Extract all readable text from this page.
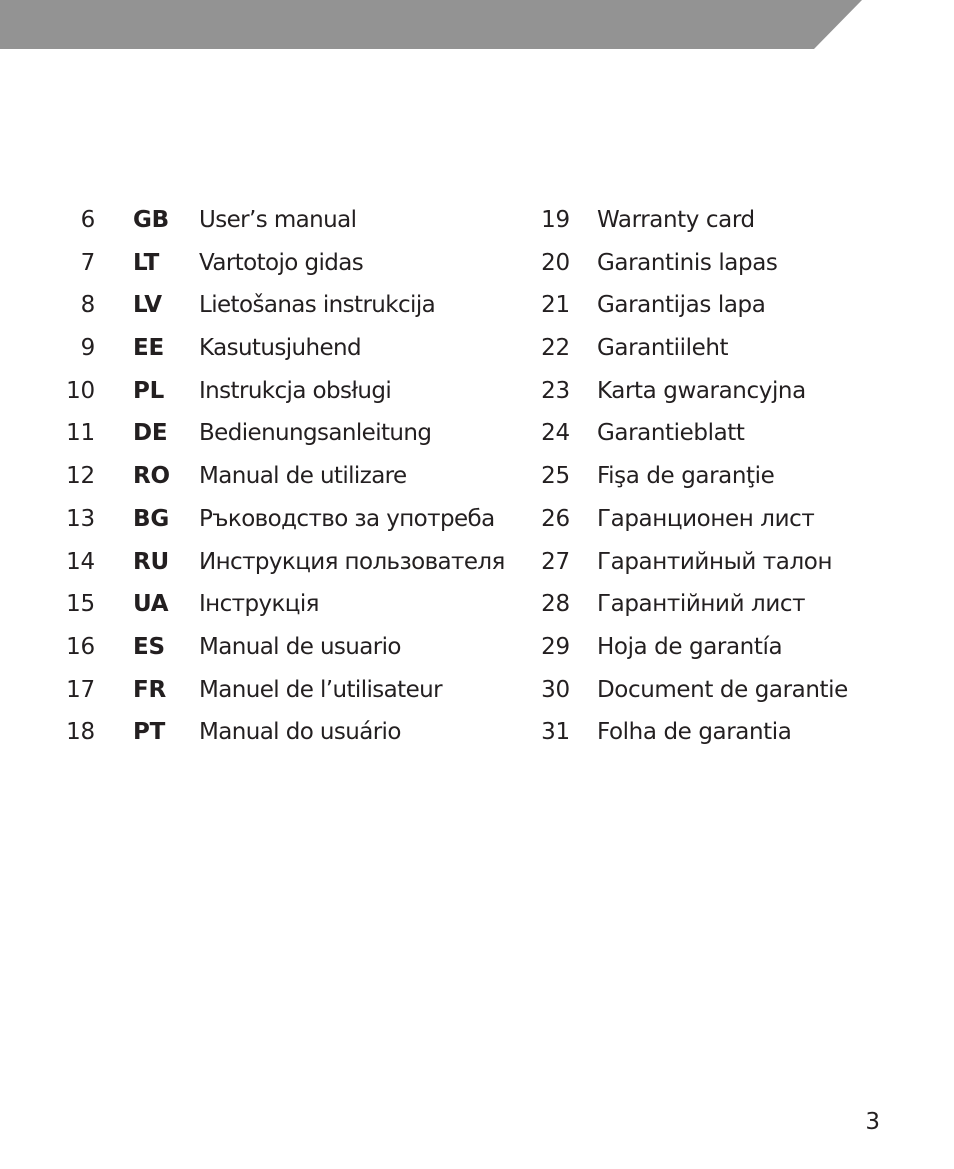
6 GB User’s manual	19 Warranty card
7 LT Vartotojo gidas	20 Garantinis lapas
8 LV Lietošanas instrukcija	21 Garantijas lapa
9 EE Kasutusjuhend	22 Garantiileht
10 PL Instrukcja obsługi	23 Karta gwarancyjna
11 DE Bedienungsanleitung	24 Garantieblatt
12 RO Manual de utilizare	25 Fişa de garanţie
13 BG Ръководство за употреба 26 Гаранционен лист
14 RU Инструкция пользователя 27 Гарантийный талон
15 UA Інструкція	28 Гарантійний лист
16 ES Manual de usuario	29 Hoja de garantía
17 FR Manuel de l’utilisateur	30 Document de garantie
18 PT Manual do usuário	31 Folha de garantia
3
